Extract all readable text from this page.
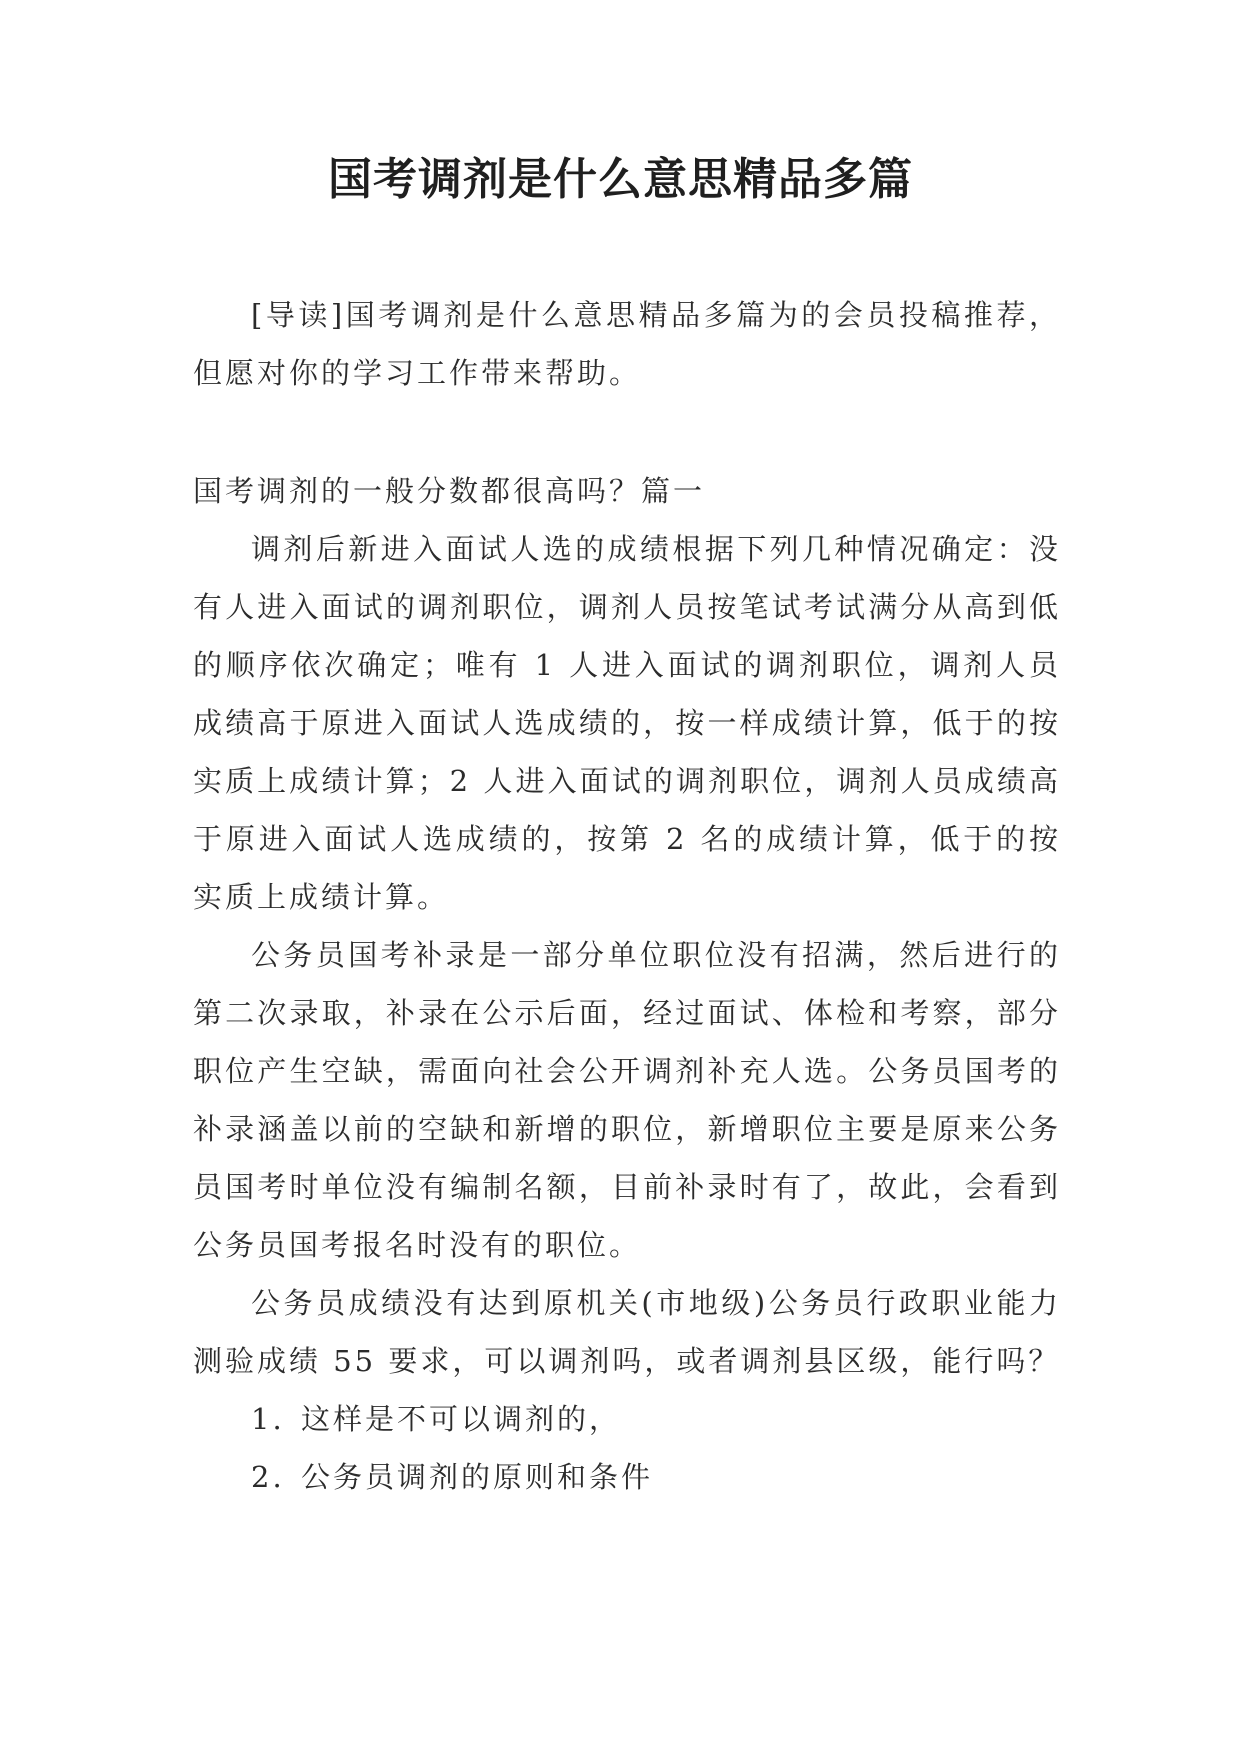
国考调剂是什么意思精品多篇

[导读]国考调剂是什么意思精品多篇为的会员投稿推荐，但愿对你的学习工作带来帮助。

国考调剂的一般分数都很高吗？篇一

调剂后新进入面试人选的成绩根据下列几种情况确定：没有人进入面试的调剂职位，调剂人员按笔试考试满分从高到低的顺序依次确定；唯有 1 人进入面试的调剂职位，调剂人员成绩高于原进入面试人选成绩的，按一样成绩计算，低于的按实质上成绩计算；2 人进入面试的调剂职位，调剂人员成绩高于原进入面试人选成绩的，按第 2 名的成绩计算，低于的按实质上成绩计算。

公务员国考补录是一部分单位职位没有招满，然后进行的第二次录取，补录在公示后面，经过面试、体检和考察，部分职位产生空缺，需面向社会公开调剂补充人选。公务员国考的补录涵盖以前的空缺和新增的职位，新增职位主要是原来公务员国考时单位没有编制名额，目前补录时有了，故此，会看到公务员国考报名时没有的职位。

公务员成绩没有达到原机关(市地级)公务员行政职业能力测验成绩 55 要求，可以调剂吗，或者调剂县区级，能行吗？

1. 这样是不可以调剂的，
2. 公务员调剂的原则和条件
